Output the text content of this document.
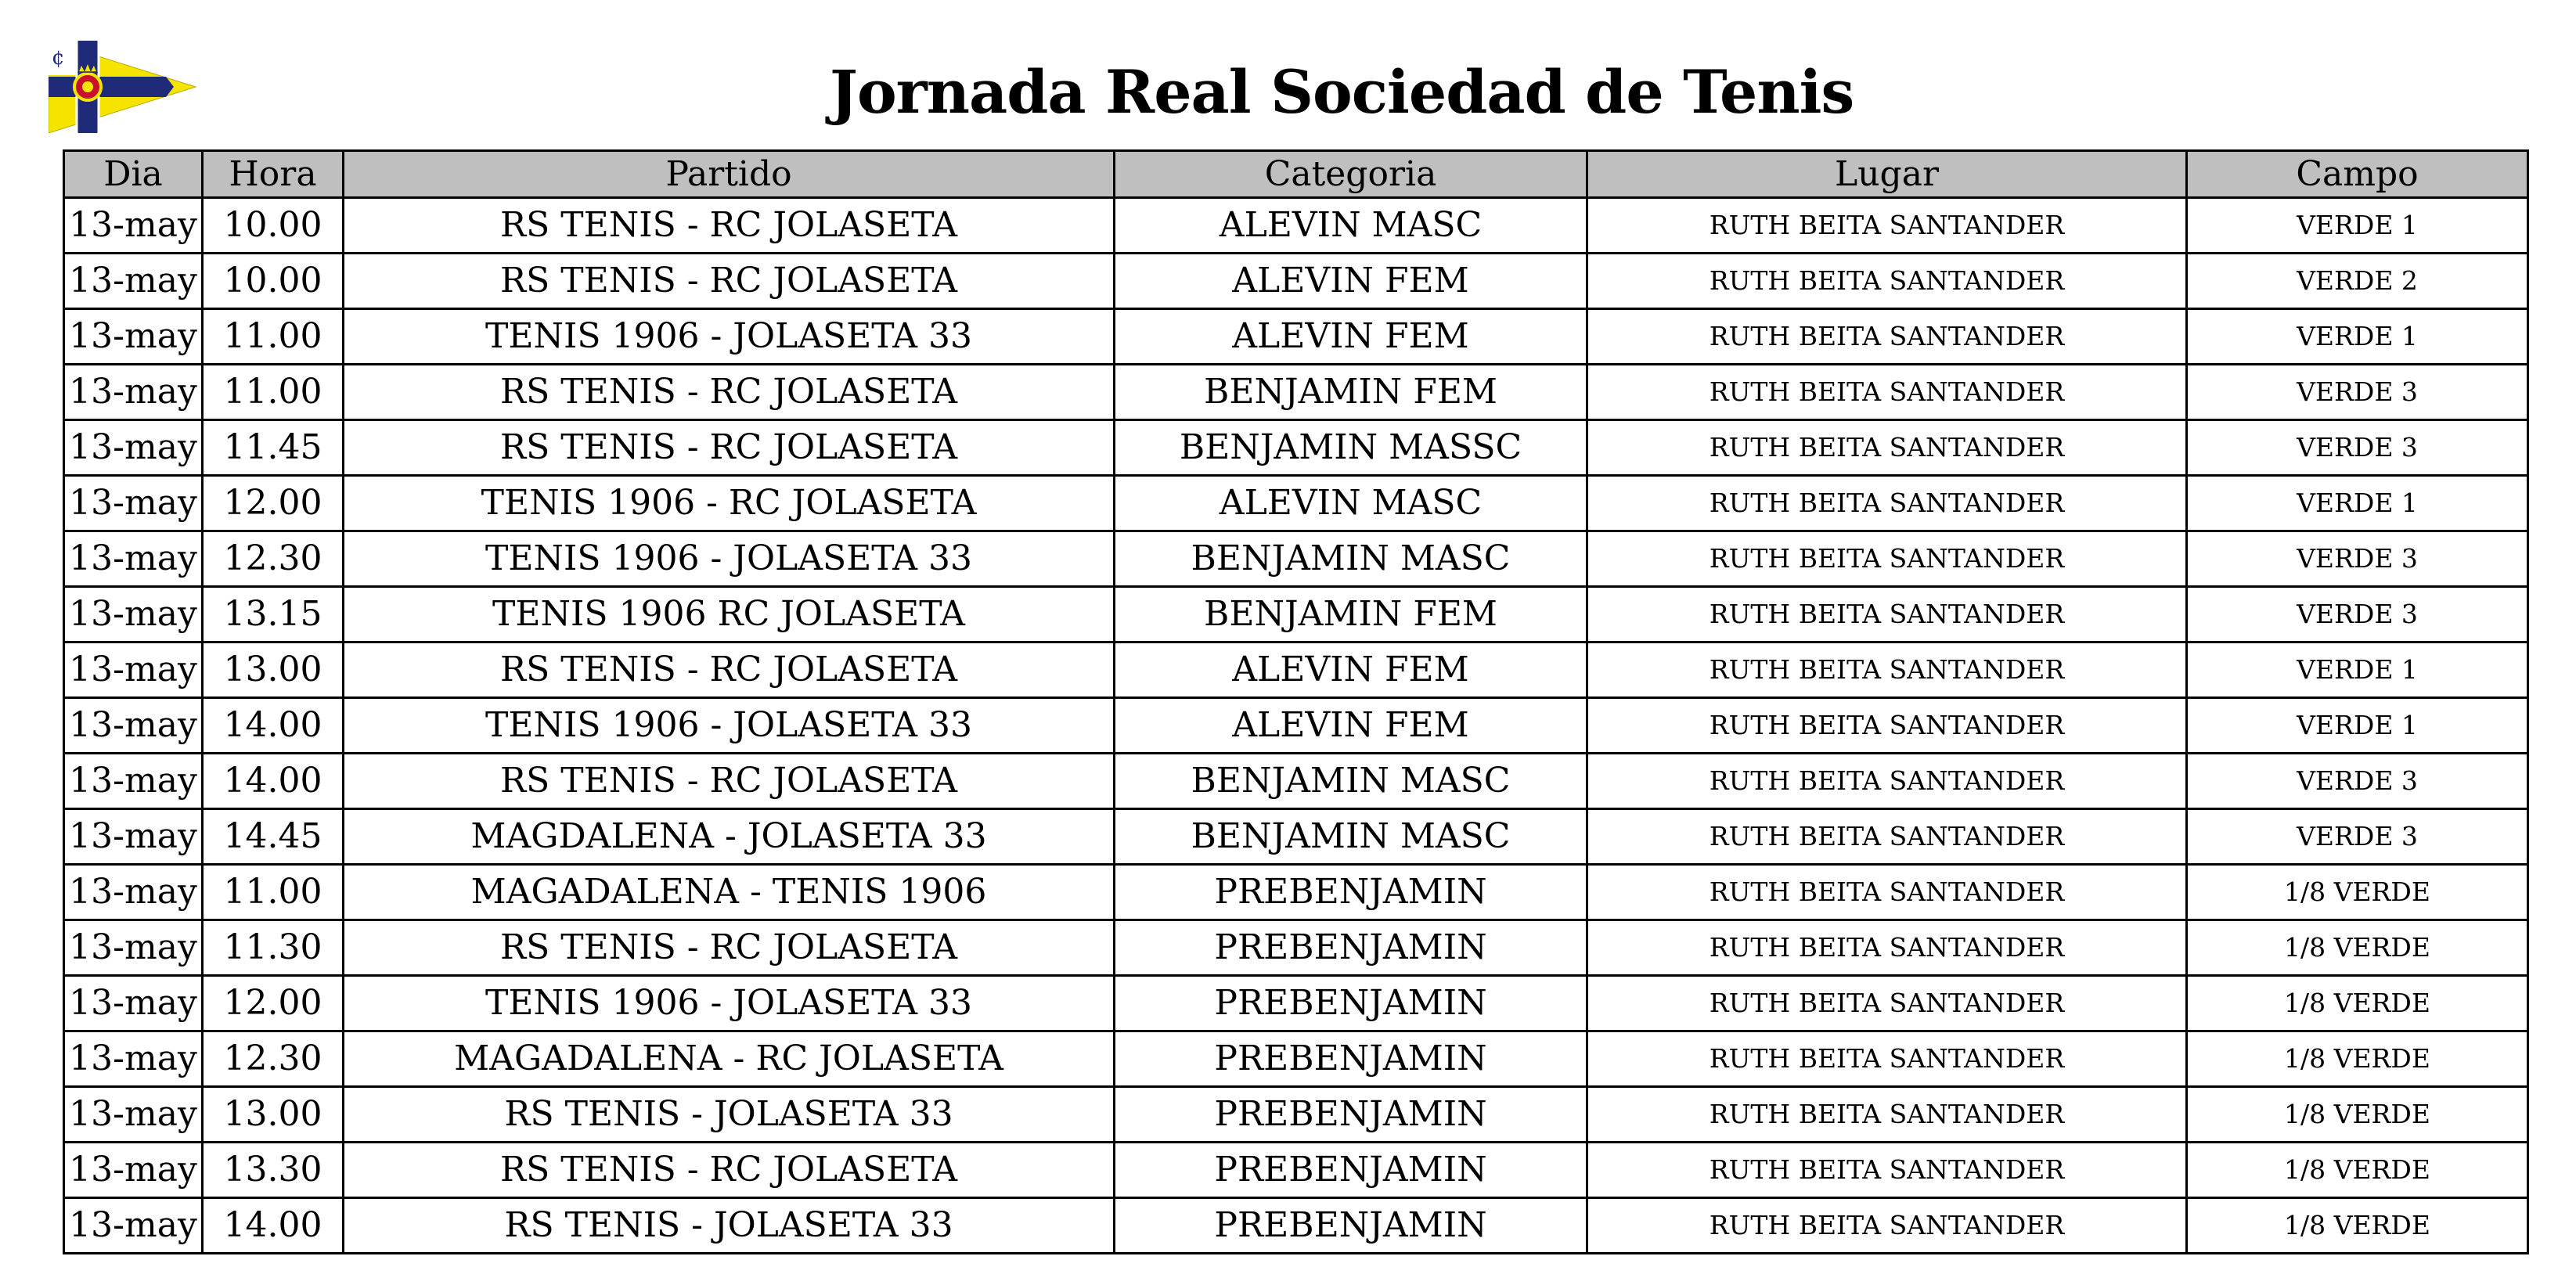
¢	Jornada Real Sociedad de Tenis
Dia	Hora	Partido	Categoria	Lugar	Campo
13-may	10.00	RS TENIS - RC JOLASETA	ALEVIN MASC	RUTH BEITA SANTANDER	VERDE 1
13-may	10.00	RS TENIS - RC JOLASETA	ALEVIN FEM	RUTH BEITA SANTANDER	VERDE 2
13-may	11.00	TENIS 1906 - JOLASETA 33	ALEVIN FEM	RUTH BEITA SANTANDER	VERDE 1
13-may	11.00	RS TENIS - RC JOLASETA	BENJAMIN FEM	RUTH BEITA SANTANDER	VERDE 3
13-may	11.45	RS TENIS - RC JOLASETA	BENJAMIN MASSC	RUTH BEITA SANTANDER	VERDE 3
13-may	12.00	TENIS 1906 - RC JOLASETA	ALEVIN MASC	RUTH BEITA SANTANDER	VERDE 1
13-may	12.30	TENIS 1906 - JOLASETA 33	BENJAMIN MASC	RUTH BEITA SANTANDER	VERDE 3
13-may	13.15	TENIS 1906 RC JOLASETA	BENJAMIN FEM	RUTH BEITA SANTANDER	VERDE 3
13-may	13.00	RS TENIS - RC JOLASETA	ALEVIN FEM	RUTH BEITA SANTANDER	VERDE 1
13-may	14.00	TENIS 1906 - JOLASETA 33	ALEVIN FEM	RUTH BEITA SANTANDER	VERDE 1
13-may	14.00	RS TENIS - RC JOLASETA	BENJAMIN MASC	RUTH BEITA SANTANDER	VERDE 3
13-may	14.45	MAGDALENA - JOLASETA 33	BENJAMIN MASC	RUTH BEITA SANTANDER	VERDE 3
13-may	11.00	MAGADALENA - TENIS 1906	PREBENJAMIN	RUTH BEITA SANTANDER	1/8 VERDE
13-may	11.30	RS TENIS - RC JOLASETA	PREBENJAMIN	RUTH BEITA SANTANDER	1/8 VERDE
13-may	12.00	TENIS 1906 - JOLASETA 33	PREBENJAMIN	RUTH BEITA SANTANDER	1/8 VERDE
13-may	12.30	MAGADALENA - RC JOLASETA	PREBENJAMIN	RUTH BEITA SANTANDER	1/8 VERDE
13-may	13.00	RS TENIS - JOLASETA 33	PREBENJAMIN	RUTH BEITA SANTANDER	1/8 VERDE
13-may	13.30	RS TENIS - RC JOLASETA	PREBENJAMIN	RUTH BEITA SANTANDER	1/8 VERDE
13-may	14.00	RS TENIS - JOLASETA 33	PREBENJAMIN	RUTH BEITA SANTANDER	1/8 VERDE
